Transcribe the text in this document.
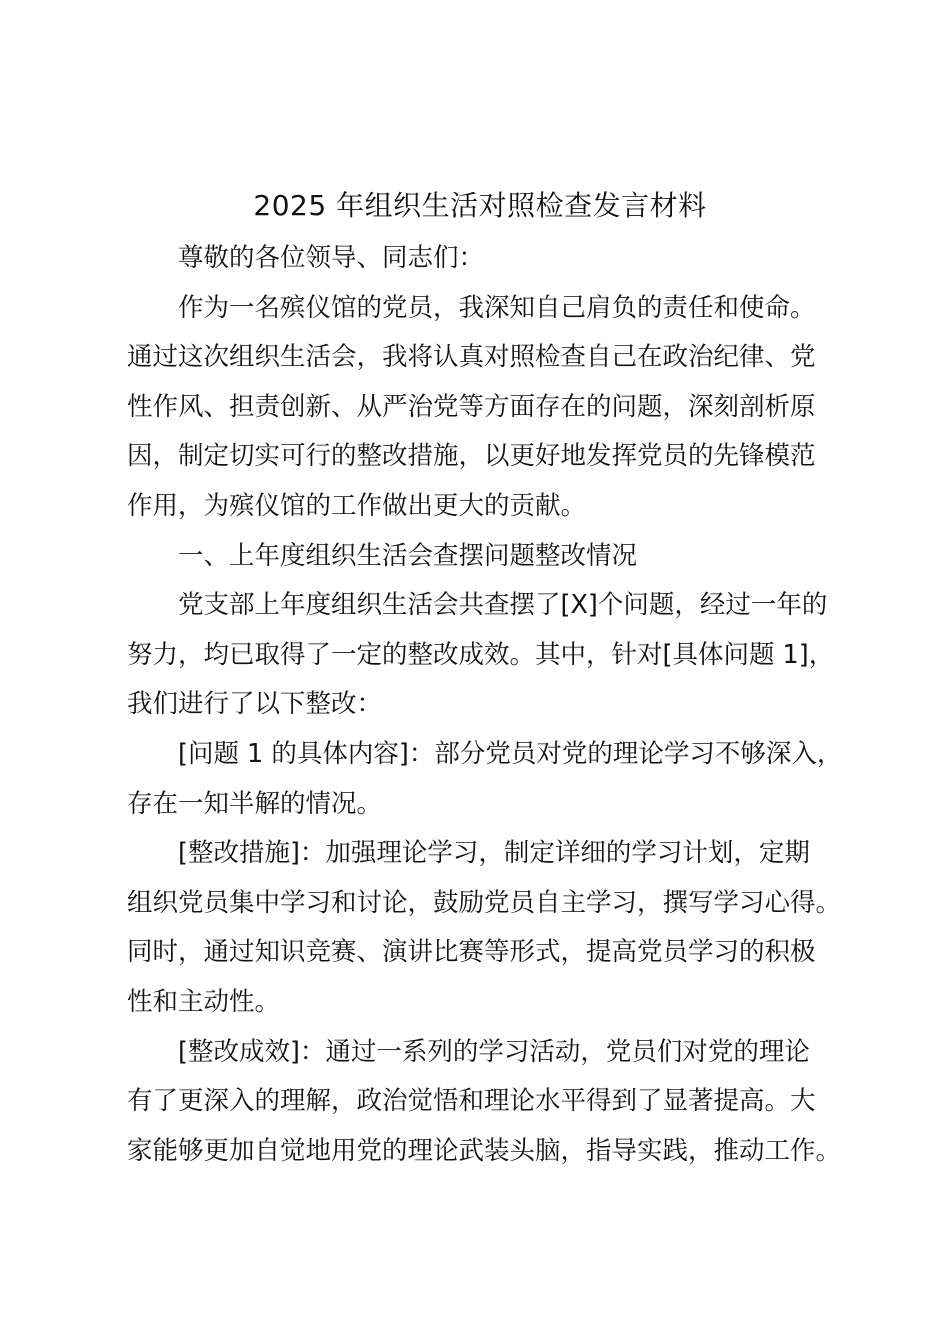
2025 年组织生活对照检查发言材料

尊敬的各位领导、同志们：

作为一名殡仪馆的党员，我深知自己肩负的责任和使命。
通过这次组织生活会，我将认真对照检查自己在政治纪律、党
性作风、担责创新、从严治党等方面存在的问题，深刻剖析原
因，制定切实可行的整改措施，以更好地发挥党员的先锋模范
作用，为殡仪馆的工作做出更大的贡献。

一、上年度组织生活会查摆问题整改情况

党支部上年度组织生活会共查摆了[X]个问题，经过一年的
努力，均已取得了一定的整改成效。其中，针对[具体问题 1]，
我们进行了以下整改：

[问题 1 的具体内容]：部分党员对党的理论学习不够深入，
存在一知半解的情况。

[整改措施]：加强理论学习，制定详细的学习计划，定期
组织党员集中学习和讨论，鼓励党员自主学习，撰写学习心得。
同时，通过知识竞赛、演讲比赛等形式，提高党员学习的积极
性和主动性。

[整改成效]：通过一系列的学习活动，党员们对党的理论
有了更深入的理解，政治觉悟和理论水平得到了显著提高。大
家能够更加自觉地用党的理论武装头脑，指导实践，推动工作。
